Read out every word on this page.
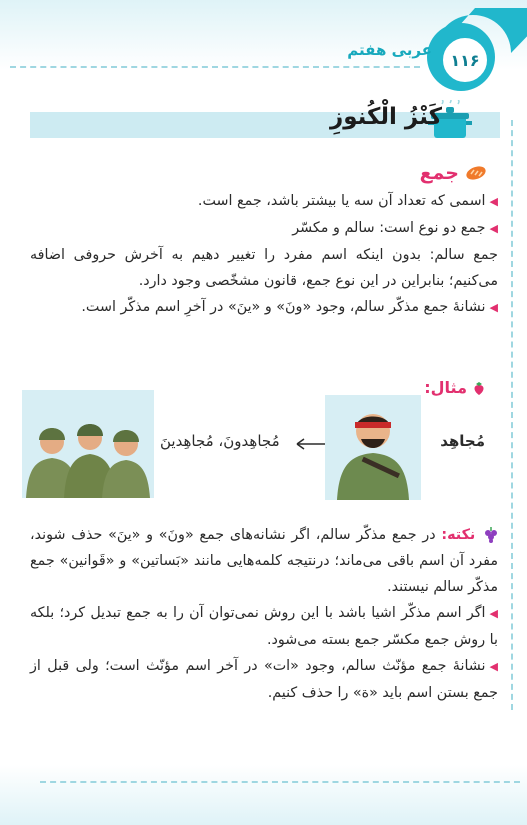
۱۱۶
عربی هفتم
کَنْزُ الْکُنوزِ
جمع
◀اسمی که تعداد آن سه یا بیشتر باشد، جمع است.
◀جمع دو نوع است: سالم و مکسّر
جمع سالم: بدون اینکه اسم مفرد را تغییر دهیم به آخرش حروفی اضافه می‌کنیم؛ بنابراین در این نوع جمع، قانون مشخّصی وجود دارد.
◀نشانهٔ جمع مذکّر سالم، وجود «ونَ» و «ینَ» در آخرِ اسم مذکّر است.
مثال:
مُجاهِد
مُجاهِدونَ، مُجاهِدینَ
نکته: در جمع مذکّر سالم، اگر نشانه‌های جمع «ونَ» و «ینَ» حذف شوند، مفرد آن اسم باقی می‌ماند؛ درنتیجه کلمه‌هایی مانند «بَساتین» و «قَوانین» جمع مذکّر سالم نیستند.
◀اگر اسم مذکّر اشیا باشد با این روش نمی‌توان آن را به جمع تبدیل کرد؛ بلکه با روش جمع مکسّر جمع بسته می‌شود.
◀نشانهٔ جمع مؤنّث سالم، وجود «ات» در آخر اسم مؤنّث است؛ ولی قبل از جمع بستن اسم باید «ة» را حذف کنیم.
